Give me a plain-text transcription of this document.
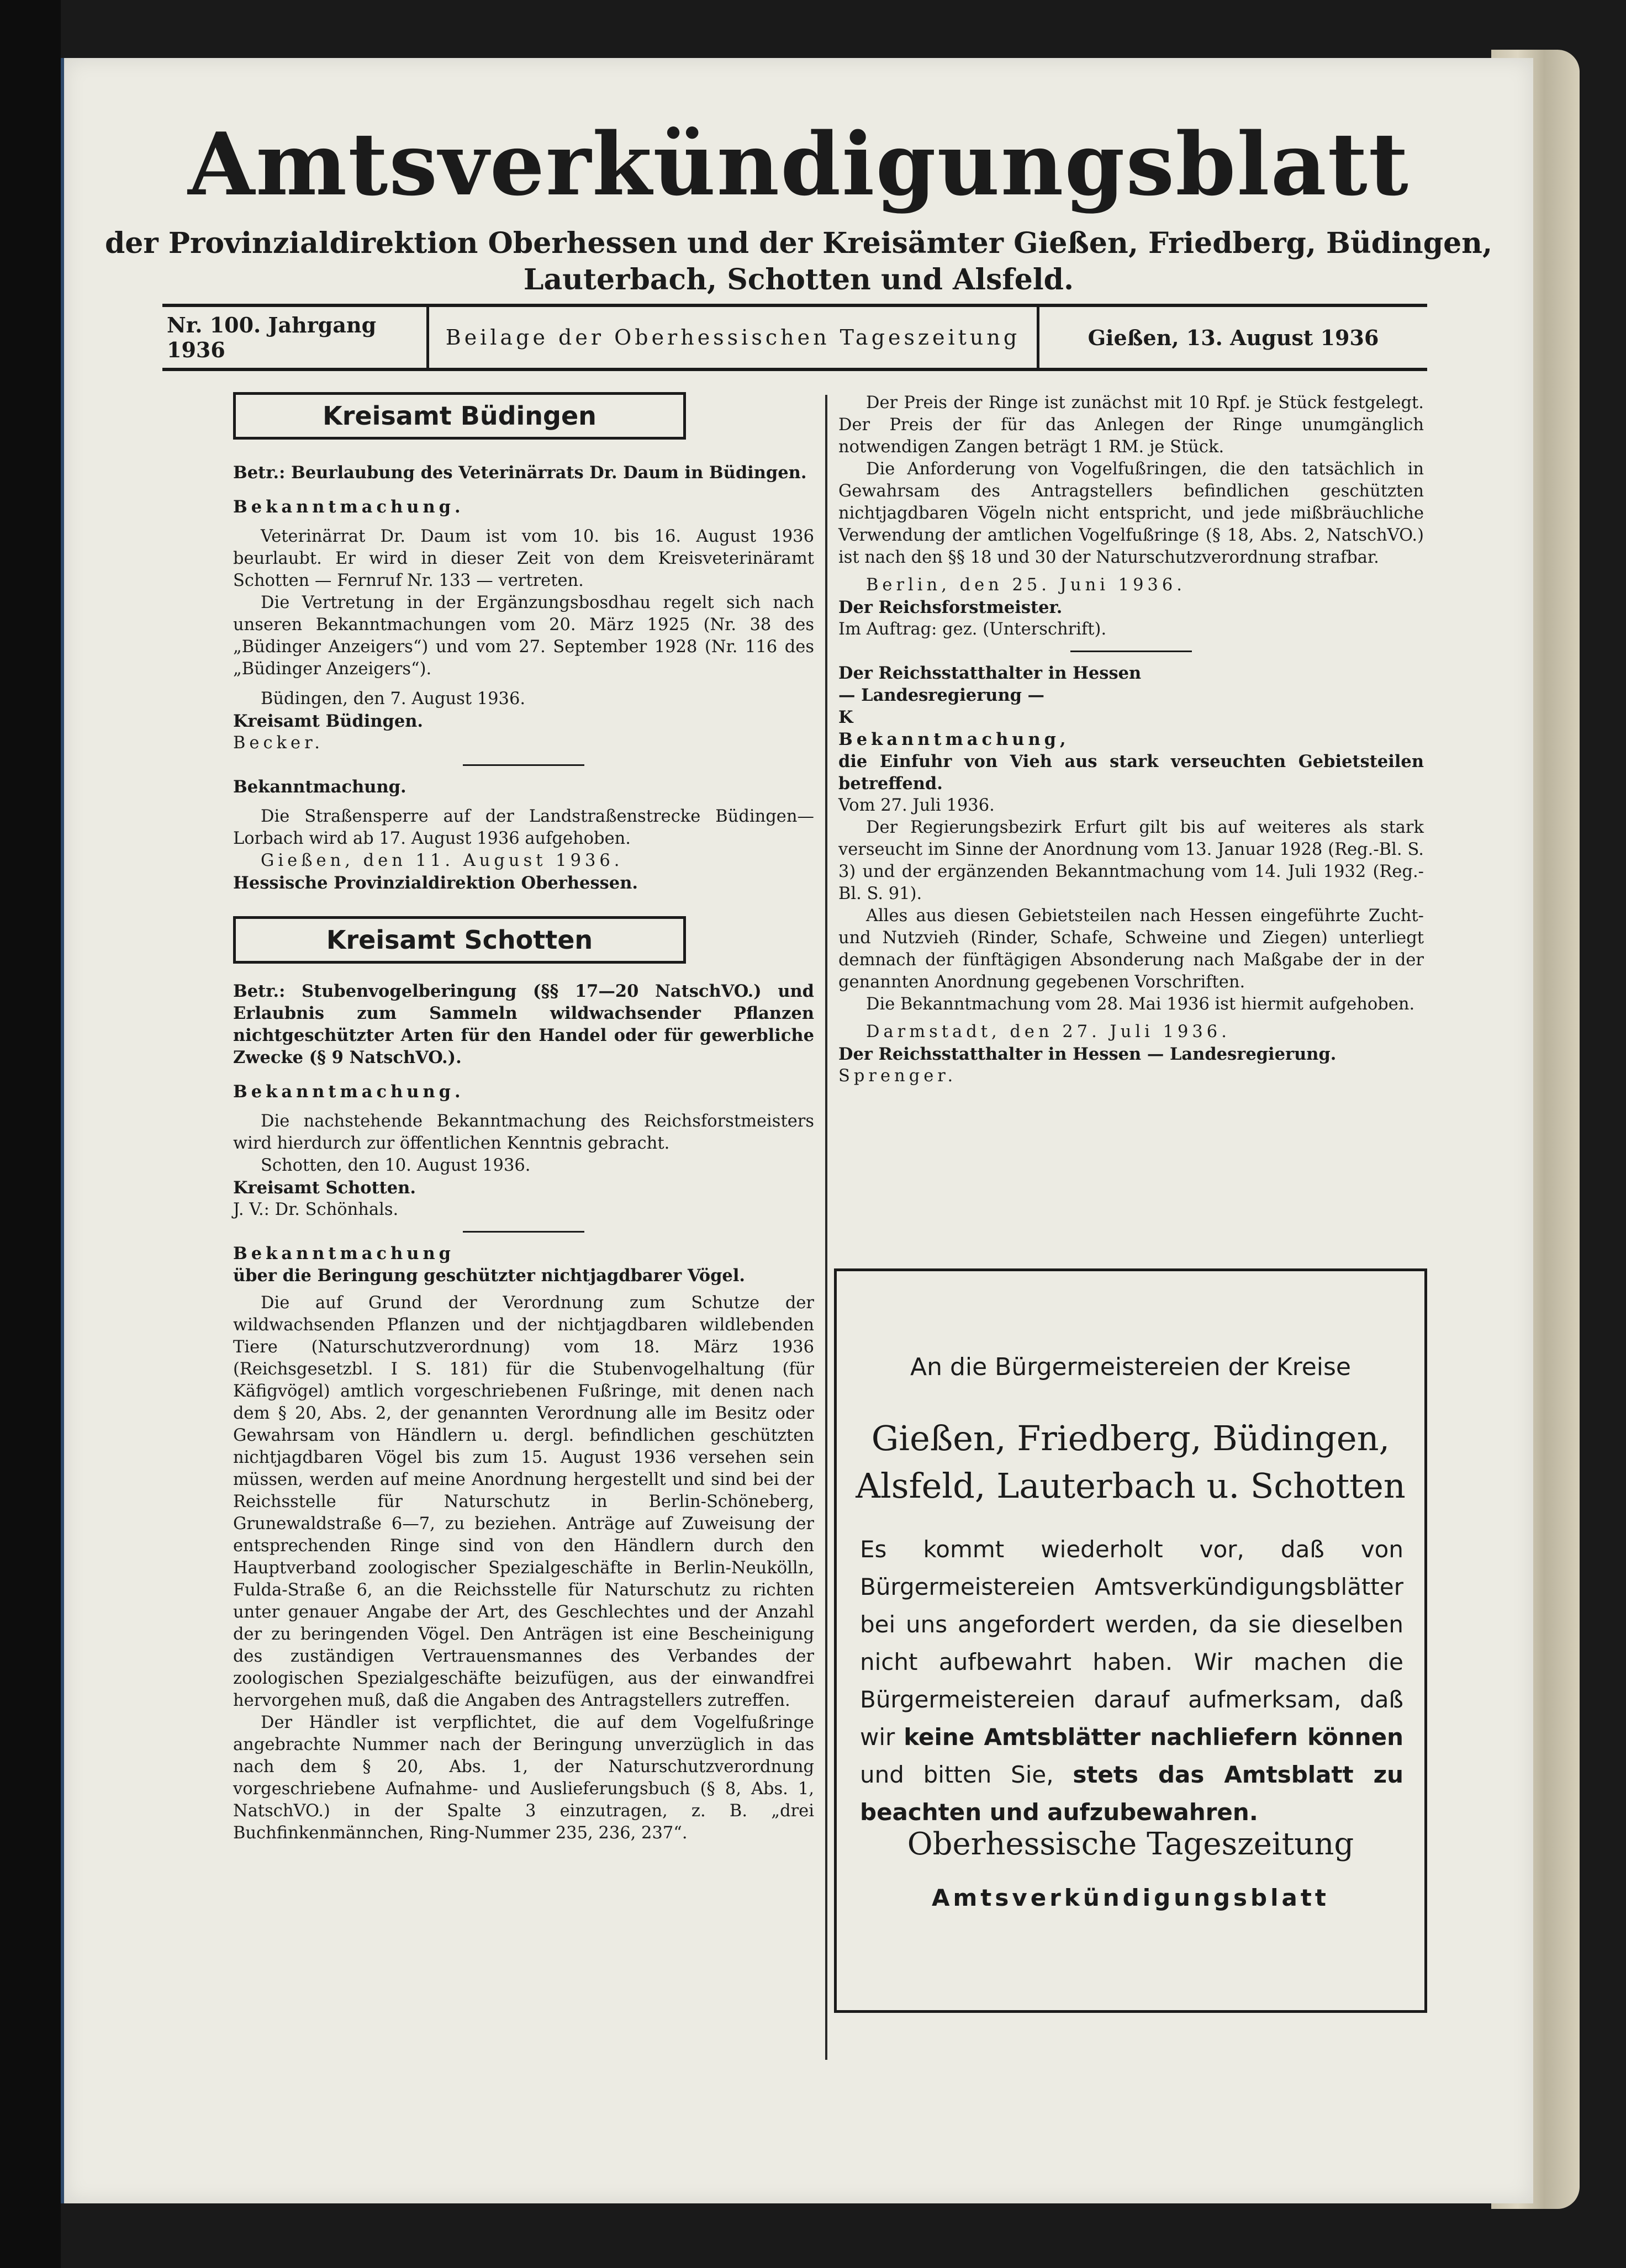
Amtsverkündigungsblatt
der Provinzialdirektion Oberhessen und der Kreisämter Gießen, Friedberg, Büdingen,
Lauterbach, Schotten und Alsfeld.
Nr. 100. Jahrgang 1936	Beilage der Oberhessischen Tageszeitung	Gießen, 13. August 1936
Kreisamt Büdingen

Betr.: Beurlaubung des Veterinärrats Dr. Daum in Büdingen.

Bekanntmachung.

Veterinärrat Dr. Daum ist vom 10. bis 16. August 1936 beurlaubt. Er wird in dieser Zeit von dem Kreisveterinäramt Schotten — Fernruf Nr. 133 — vertreten.

Die Vertretung in der Ergänzungsbosdhau regelt sich nach unseren Bekanntmachungen vom 20. März 1925 (Nr. 38 des „Büdinger Anzeigers“) und vom 27. September 1928 (Nr. 116 des „Büdinger Anzeigers“).

Büdingen, den 7. August 1936.

Kreisamt Büdingen.

Becker.

Bekanntmachung.

Die Straßensperre auf der Landstraßenstrecke Büdingen—Lorbach wird ab 17. August 1936 aufgehoben.

Gießen, den 11. August 1936.

Hessische Provinzialdirektion Oberhessen.

Kreisamt Schotten

Betr.: Stubenvogelberingung (§§ 17—20 NatschVO.) und Erlaubnis zum Sammeln wildwachsender Pflanzen nichtgeschützter Arten für den Handel oder für gewerbliche Zwecke (§ 9 NatschVO.).

Bekanntmachung.

Die nachstehende Bekanntmachung des Reichsforstmeisters wird hierdurch zur öffentlichen Kenntnis gebracht.

Schotten, den 10. August 1936.

Kreisamt Schotten.

J. V.: Dr. Schönhals.

Bekanntmachung

über die Beringung geschützter nichtjagdbarer Vögel.

Die auf Grund der Verordnung zum Schutze der wildwachsenden Pflanzen und der nichtjagdbaren wildlebenden Tiere (Naturschutzverordnung) vom 18. März 1936 (Reichsgesetzbl. I S. 181) für die Stubenvogelhaltung (für Käfigvögel) amtlich vorgeschriebenen Fußringe, mit denen nach dem § 20, Abs. 2, der genannten Verordnung alle im Besitz oder Gewahrsam von Händlern u. dergl. befindlichen geschützten nichtjagdbaren Vögel bis zum 15. August 1936 versehen sein müssen, werden auf meine Anordnung hergestellt und sind bei der Reichsstelle für Naturschutz in Berlin-Schöneberg, Grunewaldstraße 6—7, zu beziehen. Anträge auf Zuweisung der entsprechenden Ringe sind von den Händlern durch den Hauptverband zoologischer Spezialgeschäfte in Berlin-Neukölln, Fulda-Straße 6, an die Reichsstelle für Naturschutz zu richten unter genauer Angabe der Art, des Geschlechtes und der Anzahl der zu beringenden Vögel. Den Anträgen ist eine Bescheinigung des zuständigen Vertrauensmannes des Verbandes der zoologischen Spezialgeschäfte beizufügen, aus der einwandfrei hervorgehen muß, daß die Angaben des Antragstellers zutreffen.

Der Händler ist verpflichtet, die auf dem Vogelfußringe angebrachte Nummer nach der Beringung unverzüglich in das nach dem § 20, Abs. 1, der Naturschutzverordnung vorgeschriebene Aufnahme- und Auslieferungsbuch (§ 8, Abs. 1, NatschVO.) in der Spalte 3 einzutragen, z. B. „drei Buchfinkenmännchen, Ring-Nummer 235, 236, 237“.

Der Preis der Ringe ist zunächst mit 10 Rpf. je Stück festgelegt. Der Preis der für das Anlegen der Ringe unumgänglich notwendigen Zangen beträgt 1 RM. je Stück.

Die Anforderung von Vogelfußringen, die den tatsächlich in Gewahrsam des Antragstellers befindlichen geschützten nichtjagdbaren Vögeln nicht entspricht, und jede mißbräuchliche Verwendung der amtlichen Vogelfußringe (§ 18, Abs. 2, NatschVO.) ist nach den §§ 18 und 30 der Naturschutzverordnung strafbar.

Berlin, den 25. Juni 1936.

Der Reichsforstmeister.

Im Auftrag: gez. (Unterschrift).

Der Reichsstatthalter in Hessen

— Landesregierung —

K

Bekanntmachung,

die Einfuhr von Vieh aus stark verseuchten Gebietsteilen betreffend.

Vom 27. Juli 1936.

Der Regierungsbezirk Erfurt gilt bis auf weiteres als stark verseucht im Sinne der Anordnung vom 13. Januar 1928 (Reg.-Bl. S. 3) und der ergänzenden Bekanntmachung vom 14. Juli 1932 (Reg.-Bl. S. 91).

Alles aus diesen Gebietsteilen nach Hessen eingeführte Zucht- und Nutzvieh (Rinder, Schafe, Schweine und Ziegen) unterliegt demnach der fünftägigen Absonderung nach Maßgabe der in der genannten Anordnung gegebenen Vorschriften.

Die Bekanntmachung vom 28. Mai 1936 ist hiermit aufgehoben.

Darmstadt, den 27. Juli 1936.

Der Reichsstatthalter in Hessen — Landesregierung.

Sprenger.

An die Bürgermeistereien der Kreise
Gießen, Friedberg, Büdingen,
Alsfeld, Lauterbach u. Schotten
Es kommt wiederholt vor, daß von Bürgermeistereien Amtsverkündigungsblätter bei uns angefordert werden, da sie dieselben nicht aufbewahrt haben. Wir machen die Bürgermeistereien darauf aufmerksam, daß wir keine Amtsblätter nachliefern können und bitten Sie, stets das Amtsblatt zu beachten und aufzubewahren.
Oberhessische Tageszeitung
Amtsverkündigungsblatt
